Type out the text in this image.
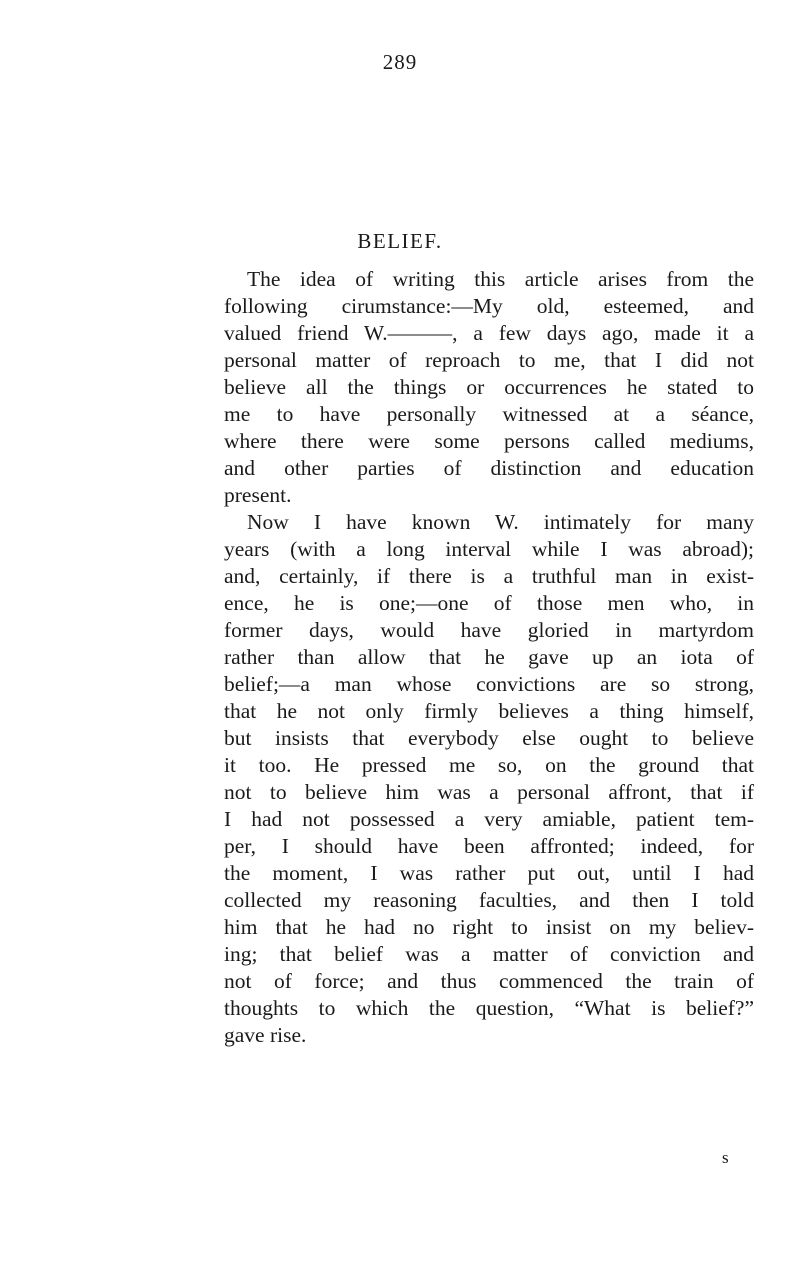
289
BELIEF.
The idea of writing this article arises from the
following cirumstance:—My old, esteemed, and
valued friend W.———, a few days ago, made it a
personal matter of reproach to me, that I did not
believe all the things or occurrences he stated to
me to have personally witnessed at a séance,
where there were some persons called mediums,
and other parties of distinction and education
present.
Now I have known W. intimately for many
years (with a long interval while I was abroad);
and, certainly, if there is a truthful man in exist-
ence, he is one;—one of those men who, in
former days, would have gloried in martyrdom
rather than allow that he gave up an iota of
belief;—a man whose convictions are so strong,
that he not only firmly believes a thing himself,
but insists that everybody else ought to believe
it too. He pressed me so, on the ground that
not to believe him was a personal affront, that if
I had not possessed a very amiable, patient tem-
per, I should have been affronted; indeed, for
the moment, I was rather put out, until I had
collected my reasoning faculties, and then I told
him that he had no right to insist on my believ-
ing; that belief was a matter of conviction and
not of force; and thus commenced the train of
thoughts to which the question, “What is belief?”
gave rise.
s
